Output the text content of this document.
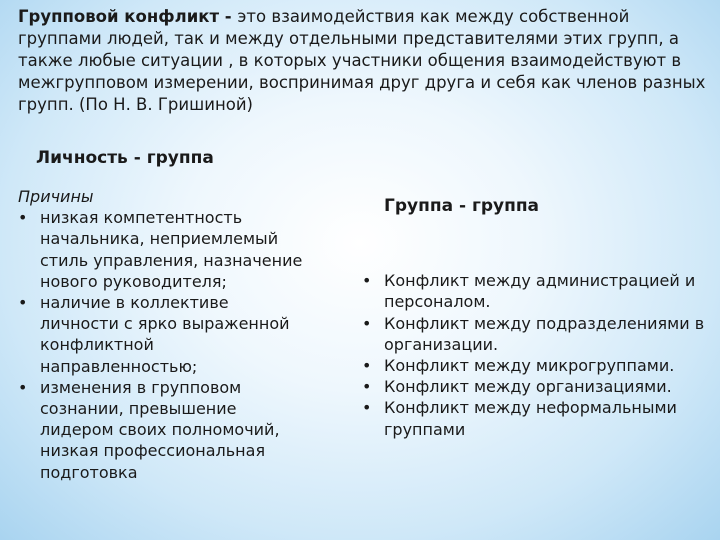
Групповой конфликт - это взаимодействия как между собственной группами людей, так и между отдельными представителями этих групп, а также любые ситуации , в которых участники общения взаимодействуют в межгрупповом измерении, воспринимая друг друга и себя как членов разных групп. (По Н. В. Гришиной)
Личность - группа
Причины
• низкая компетентность начальника, неприемлемый стиль управления, назначение нового руководителя;
• наличие в коллективе личности с ярко выраженной конфликтной направленностью;
• изменения в групповом сознании, превышение лидером своих полномочий, низкая профессиональная подготовка
Группа - группа
• Конфликт между администрацией и персоналом.
• Конфликт между подразделениями в организации.
• Конфликт между микрогруппами.
• Конфликт между организациями.
• Конфликт между неформальными группами
